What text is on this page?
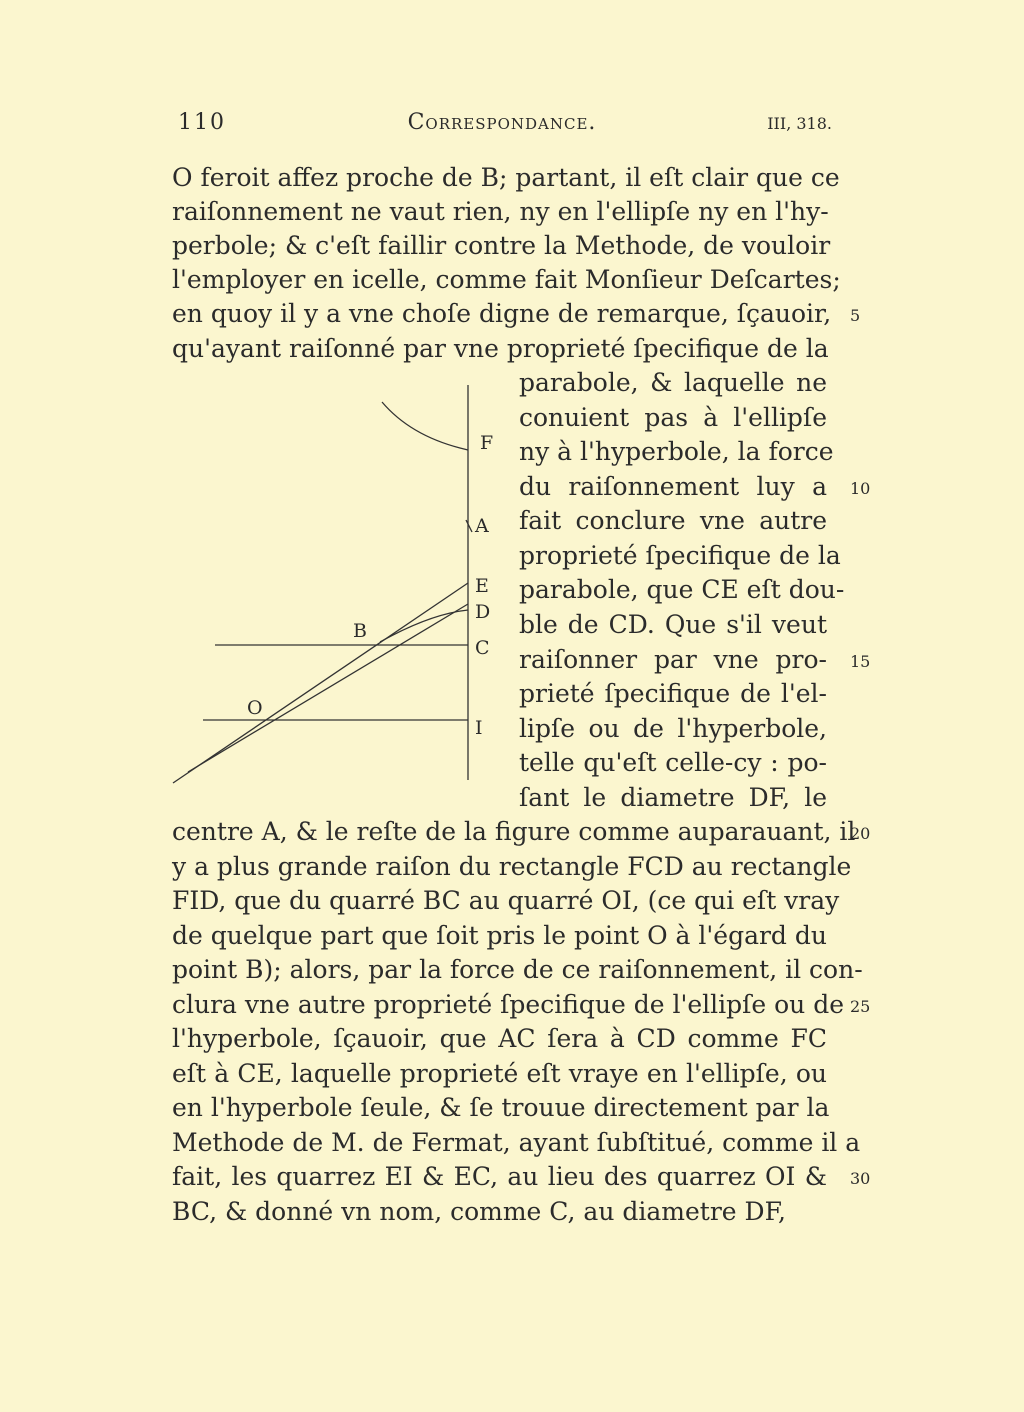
110	Correspondance.	III, 318.
O feroit affez proche de B; partant, il eſt clair que ce
raiſonnement ne vaut rien, ny en l'ellipſe ny en l'hy-
perbole; & c'eſt faillir contre la Methode, de vouloir
l'employer en icelle, comme fait Monſieur Deſcartes;
en quoy il y a vne choſe digne de remarque, ſçauoir,
qu'ayant raiſonné par vne proprieté ſpecifique de la
parabole, & laquelle ne
conuient pas à l'ellipſe
ny à l'hyperbole, la force
du raiſonnement luy a
fait conclure vne autre
proprieté ſpecifique de la
parabole, que CE eſt dou-
ble de CD. Que s'il veut
raiſonner par vne pro-
prieté ſpecifique de l'el-
lipſe ou de l'hyperbole,
telle qu'eſt celle-cy : po-
ſant le diametre DF, le
centre A, & le reſte de la figure comme auparauant, il
y a plus grande raiſon du rectangle FCD au rectangle
FID, que du quarré BC au quarré OI, (ce qui eſt vray
de quelque part que ſoit pris le point O à l'égard du
point B); alors, par la force de ce raiſonnement, il con-
clura vne autre proprieté ſpecifique de l'ellipſe ou de
l'hyperbole, ſçauoir, que AC ſera à CD comme FC
eſt à CE, laquelle proprieté eſt vraye en l'ellipſe, ou
en l'hyperbole ſeule, & ſe trouue directement par la
Methode de M. de Fermat, ayant ſubſtitué, comme il a
fait, les quarrez EI & EC, au lieu des quarrez OI &
BC, & donné vn nom, comme C, au diametre DF,
5
10
15
20
25
30
F
A
E
D
B
C
O
I
